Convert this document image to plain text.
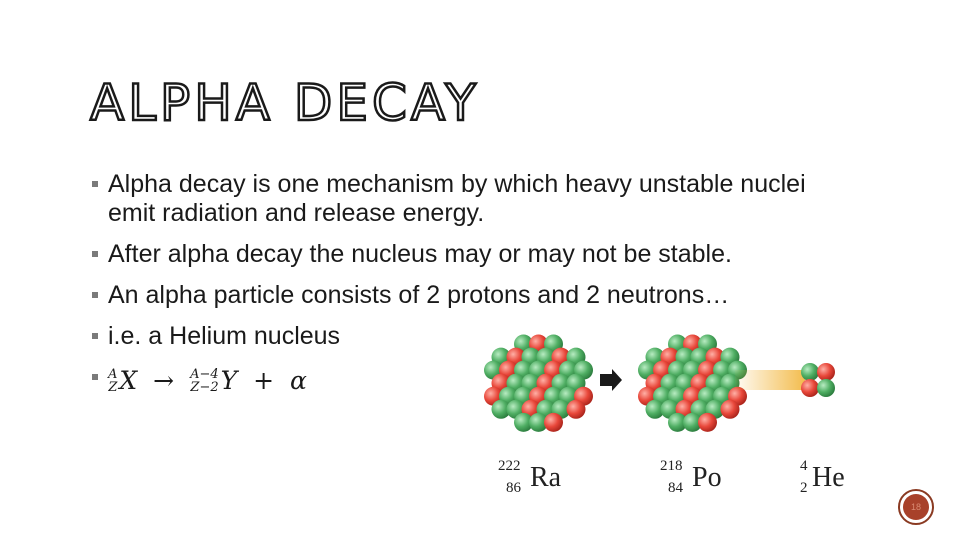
ALPHA DECAY
Alpha decay is one mechanism by which heavy unstable nuclei emit radiation and release energy.
After alpha decay the nucleus may or may not be stable.
An alpha particle consists of 2 protons and 2 neutrons…
i.e. a Helium nucleus
A
Z X → A−4
Z−2 Y + α
222
86 Ra	218
84 Po	4
2 He
18
